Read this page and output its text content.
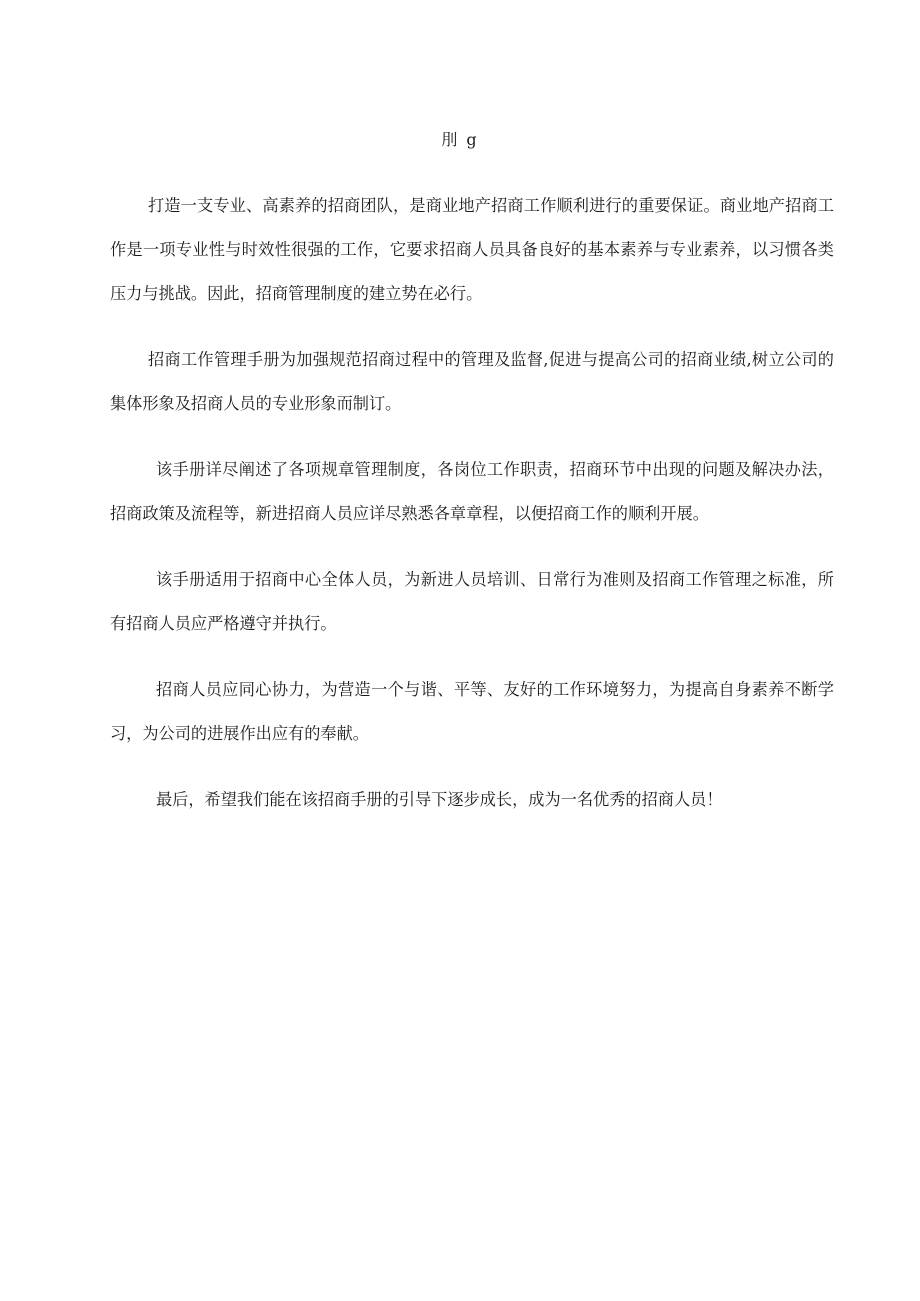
刖 g

打造一支专业、高素养的招商团队，是商业地产招商工作顺利进行的重要保证。商业地产招商工作是一项专业性与时效性很强的工作，它要求招商人员具备良好的基本素养与专业素养，以习惯各类压力与挑战。因此，招商管理制度的建立势在必行。

招商工作管理手册为加强规范招商过程中的管理及监督,促进与提高公司的招商业绩,树立公司的集体形象及招商人员的专业形象而制订。

该手册详尽阐述了各项规章管理制度，各岗位工作职责，招商环节中出现的问题及解决办法，招商政策及流程等，新进招商人员应详尽熟悉各章章程，以便招商工作的顺利开展。

该手册适用于招商中心全体人员，为新进人员培训、日常行为准则及招商工作管理之标准，所有招商人员应严格遵守并执行。

招商人员应同心协力，为营造一个与谐、平等、友好的工作环境努力，为提高自身素养不断学习，为公司的进展作出应有的奉献。

最后，希望我们能在该招商手册的引导下逐步成长，成为一名优秀的招商人员！
